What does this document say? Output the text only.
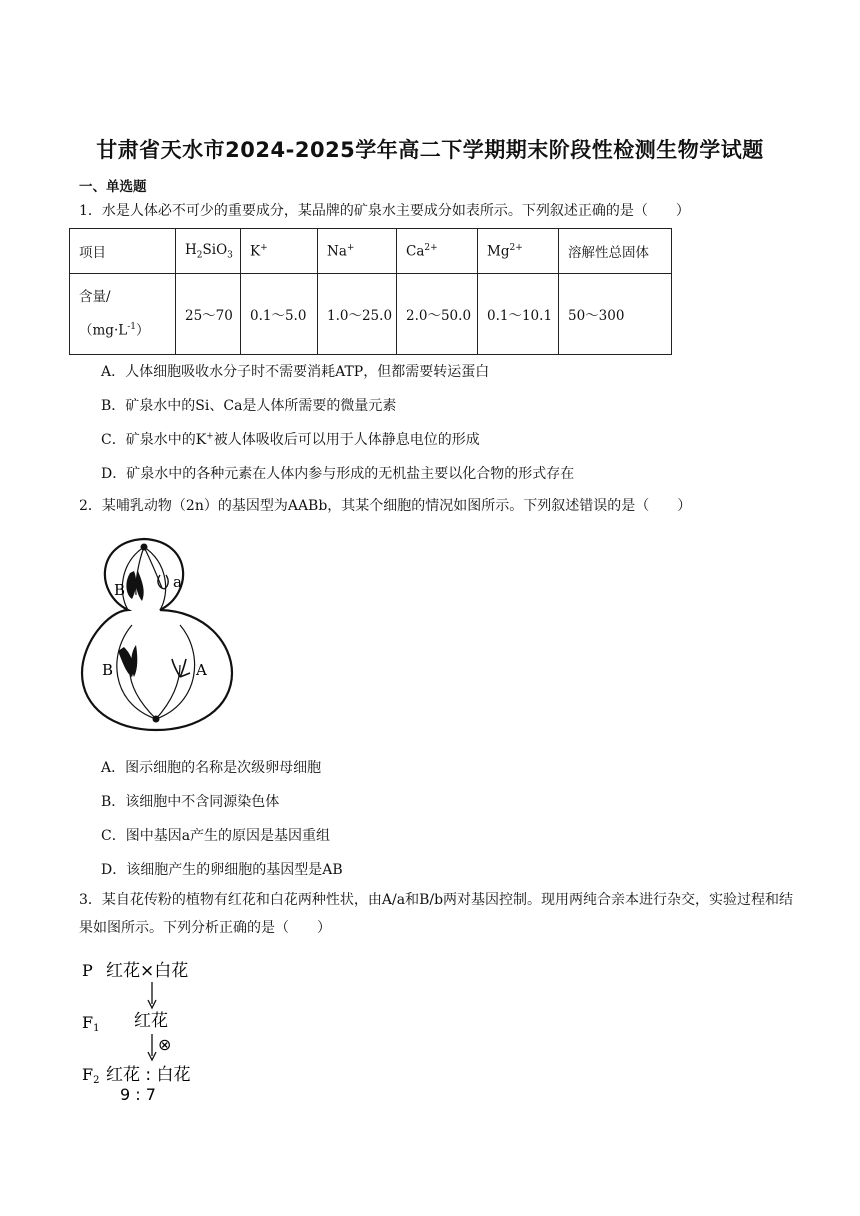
甘肃省天水市2024-2025学年高二下学期期末阶段性检测生物学试题
一、单选题
1．水是人体必不可少的重要成分，某品牌的矿泉水主要成分如表所示。下列叙述正确的是（　　）
项目	$H_2SiO_3$	K+	Na+	$Ca^{2+}$	$Mg^{2+}$	溶解性总固体

含量/
$(mg\cdot L^{-1})$	25～70	0.1～5.0	1.0～25.0	2.0～50.0	0.1～10.1	50～300
A．人体细胞吸收水分子时不需要消耗ATP，但都需要转运蛋白
B．矿泉水中的Si、Ca是人体所需要的微量元素
C．矿泉水中的K+被人体吸收后可以用于人体静息电位的形成
D．矿泉水中的各种元素在人体内参与形成的无机盐主要以化合物的形式存在
2．某哺乳动物（2n）的基因型为AABb，其某个细胞的情况如图所示。下列叙述错误的是（　　）
B	a
B	A
A．图示细胞的名称是次级卵母细胞
B．该细胞中不含同源染色体
C．图中基因a产生的原因是基因重组
D．该细胞产生的卵细胞的基因型是AB
3．某自花传粉的植物有红花和白花两种性状，由A/a和B/b两对基因控制。现用两纯合亲本进行杂交，实验过程和结果如图所示。下列分析正确的是（　　）
P 红花×白花
F1 红花
⊗
F2 红花 : 白花
9 : 7
